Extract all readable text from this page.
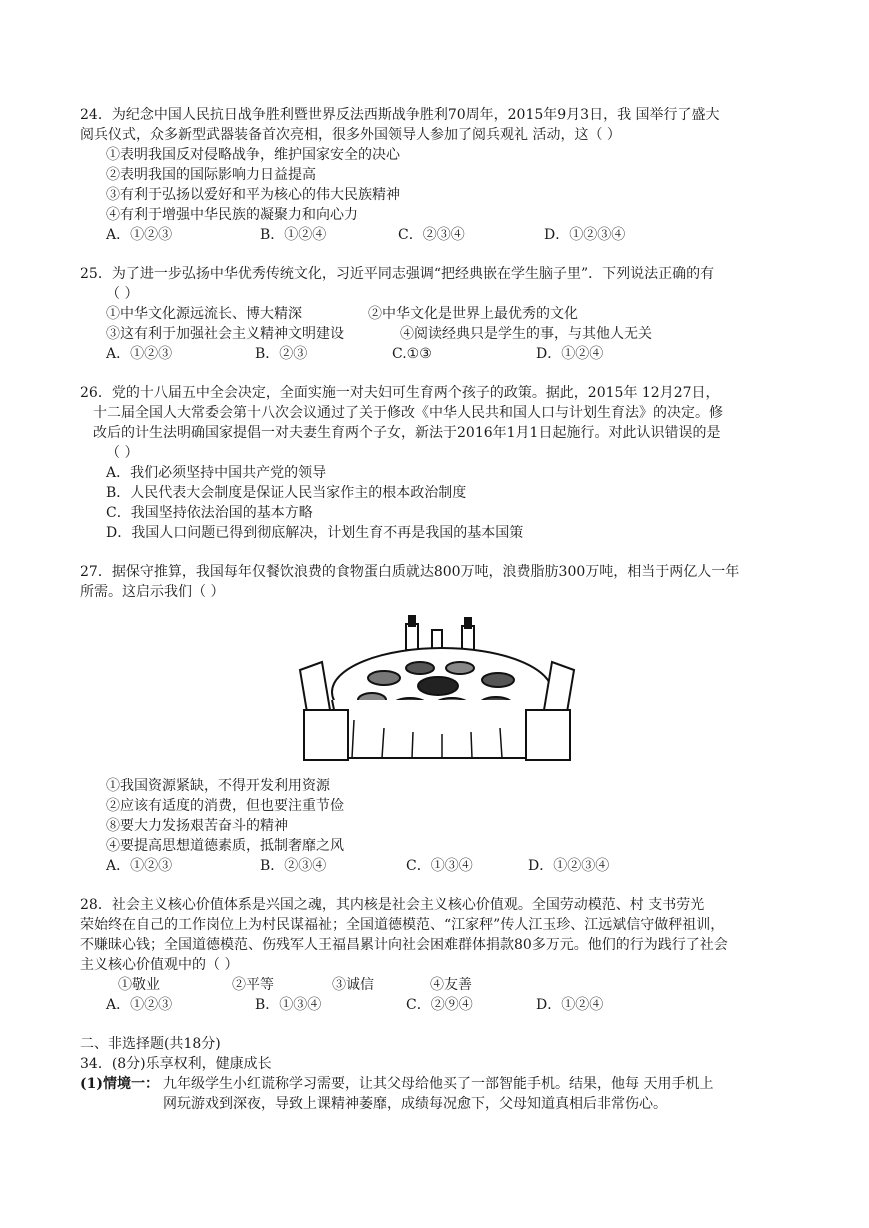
24．为纪念中国人民抗日战争胜利暨世界反法西斯战争胜利70周年，2015年9月3日，我 国举行了盛大
阅兵仪式，众多新型武器装备首次亮相，很多外国领导人参加了阅兵观礼 活动，这（ ）
①表明我国反对侵略战争，维护国家安全的决心
②表明我国的国际影响力日益提高
③有利于弘扬以爱好和平为核心的伟大民族精神
④有利于增强中华民族的凝聚力和向心力
A．①②③	B．①②④	C．②③④	D．①②③④
25．为了进一步弘扬中华优秀传统文化，习近平同志强调“把经典嵌在学生脑子里”．下列说法正确的有
（ ）
①中华文化源远流长、博大精深	②中华文化是世界上最优秀的文化
③这有利于加强社会主义精神文明建设	④阅读经典只是学生的事，与其他人无关
A．①②③	B．②③	C.①③	D．①②④
26．党的十八届五中全会决定，全面实施一对夫妇可生育两个孩子的政策。据此，2015年 12月27日，
十二届全国人大常委会第十八次会议通过了关于修改《中华人民共和国人口与计划生育法》的决定。修
改后的计生法明确国家提倡一对夫妻生育两个子女，新法于2016年1月1日起施行。对此认识错误的是
（ ）
A．我们必须坚持中国共产党的领导
B．人民代表大会制度是保证人民当家作主的根本政治制度
C．我国坚持依法治国的基本方略
D．我国人口问题已得到彻底解决，计划生育不再是我国的基本国策
27．据保守推算，我国每年仅餐饮浪费的食物蛋白质就达800万吨，浪费脂肪300万吨，相当于两亿人一年
所需。这启示我们（ ）
①我国资源紧缺，不得开发利用资源
②应该有适度的消费，但也要注重节俭
⑧要大力发扬艰苦奋斗的精神
④要提高思想道德素质，抵制奢靡之风
A．①②③	B．②③④	C．①③④	D．①②③④
28．社会主义核心价值体系是兴国之魂，其内核是社会主义核心价值观。全国劳动模范、村 支书劳光
荣始终在自己的工作岗位上为村民谋福祉；全国道德模范、“江家秤”传人江玉珍、江远斌信守做秤祖训，
不赚昧心钱；全国道德模范、伤残军人王福昌累计向社会困难群体捐款80多万元。他们的行为践行了社会
主义核心价值观中的（ ）
①敬业	②平等	③诚信	④友善
A．①②③	B．①③④	C．②⑨④	D．①②④
二、非选择题(共18分)
34．(8分)乐享权利，健康成长
(1)情境一： 九年级学生小红谎称学习需要，让其父母给他买了一部智能手机。结果，他每 天用手机上
网玩游戏到深夜，导致上课精神萎靡，成绩每况愈下，父母知道真相后非常伤心。
